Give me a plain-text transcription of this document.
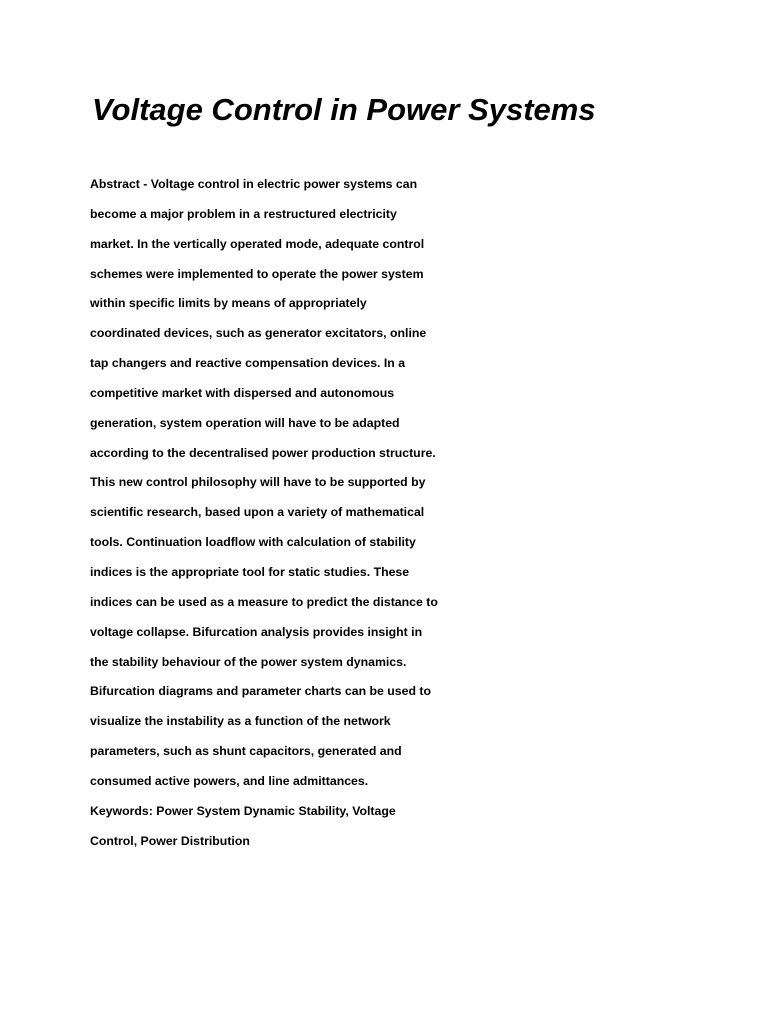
Voltage Control in Power Systems
Abstract - Voltage control in electric power systems can
become a major problem in a restructured electricity
market. In the vertically operated mode, adequate control
schemes were implemented to operate the power system
within specific limits by means of appropriately
coordinated devices, such as generator excitators, online
tap changers and reactive compensation devices. In a
competitive market with dispersed and autonomous
generation, system operation will have to be adapted
according to the decentralised power production structure.
This new control philosophy will have to be supported by
scientific research, based upon a variety of mathematical
tools. Continuation loadflow with calculation of stability
indices is the appropriate tool for static studies. These
indices can be used as a measure to predict the distance to
voltage collapse. Bifurcation analysis provides insight in
the stability behaviour of the power system dynamics.
Bifurcation diagrams and parameter charts can be used to
visualize the instability as a function of the network
parameters, such as shunt capacitors, generated and
consumed active powers, and line admittances.
Keywords: Power System Dynamic Stability, Voltage
Control, Power Distribution
